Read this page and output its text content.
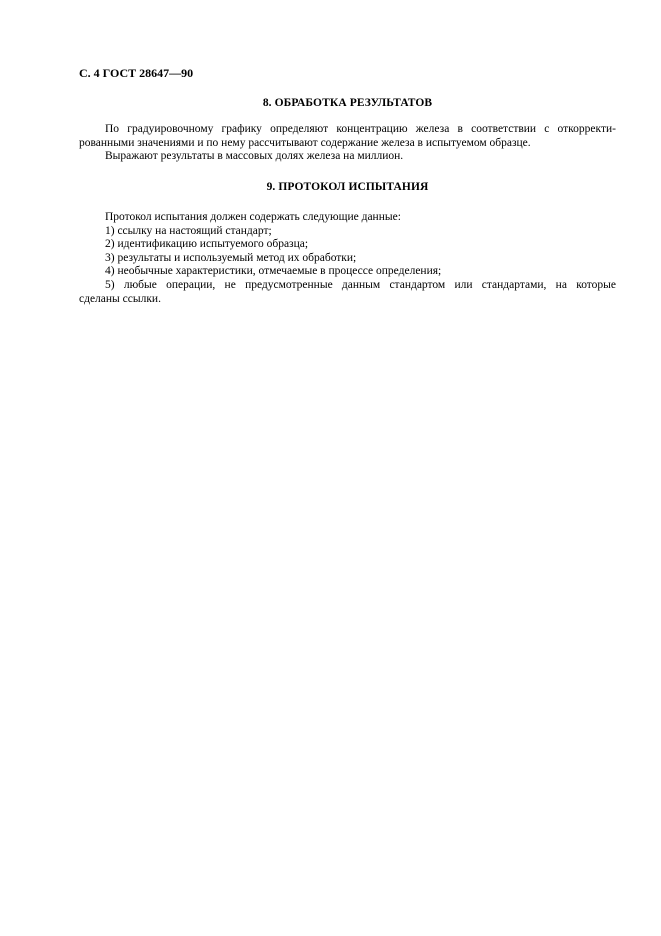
С. 4 ГОСТ 28647—90
8. ОБРАБОТКА РЕЗУЛЬТАТОВ

По градуировочному графику определяют концентрацию железа в соответствии с откорректи-

рованными значениями и по нему рассчитывают содержание железа в испытуемом образце.

Выражают результаты в массовых долях железа на миллион.

9. ПРОТОКОЛ ИСПЫТАНИЯ

Протокол испытания должен содержать следующие данные:

1) ссылку на настоящий стандарт;
2) идентификацию испытуемого образца;
3) результаты и используемый метод их обработки;
4) необычные характеристики, отмечаемые в процессе определения;
5) любые операции, не предусмотренные данным стандартом или стандартами, на которые
сделаны ссылки.
